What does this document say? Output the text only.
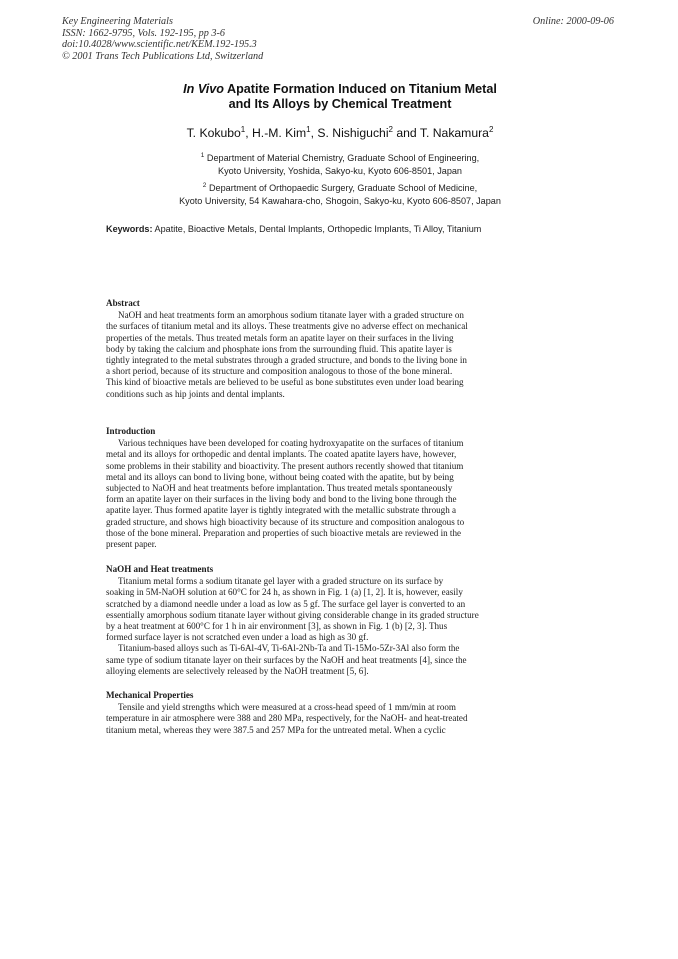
Key Engineering Materials
ISSN: 1662-9795, Vols. 192-195, pp 3-6
doi:10.4028/www.scientific.net/KEM.192-195.3
© 2001 Trans Tech Publications Ltd, Switzerland
Online: 2000-09-06
In Vivo Apatite Formation Induced on Titanium Metal
and Its Alloys by Chemical Treatment
T. Kokubo$^1$, H.-M. Kim$^1$, S. Nishiguchi$^2$ and T. Nakamura$^2$
$^1$ Department of Material Chemistry, Graduate School of Engineering,
Kyoto University, Yoshida, Sakyo-ku, Kyoto 606-8501, Japan
$^2$ Department of Orthopaedic Surgery, Graduate School of Medicine,
Kyoto University, 54 Kawahara-cho, Shogoin, Sakyo-ku, Kyoto 606-8507, Japan
Keywords: Apatite, Bioactive Metals, Dental Implants, Orthopedic Implants, Ti Alloy, Titanium
Abstract
NaOH and heat treatments form an amorphous sodium titanate layer with a graded structure on
the surfaces of titanium metal and its alloys. These treatments give no adverse effect on mechanical
properties of the metals. Thus treated metals form an apatite layer on their surfaces in the living
body by taking the calcium and phosphate ions from the surrounding fluid. This apatite layer is
tightly integrated to the metal substrates through a graded structure, and bonds to the living bone in
a short period, because of its structure and composition analogous to those of the bone mineral.
This kind of bioactive metals are believed to be useful as bone substitutes even under load bearing
conditions such as hip joints and dental implants.
Introduction
Various techniques have been developed for coating hydroxyapatite on the surfaces of titanium
metal and its alloys for orthopedic and dental implants. The coated apatite layers have, however,
some problems in their stability and bioactivity. The present authors recently showed that titanium
metal and its alloys can bond to living bone, without being coated with the apatite, but by being
subjected to NaOH and heat treatments before implantation. Thus treated metals spontaneously
form an apatite layer on their surfaces in the living body and bond to the living bone through the
apatite layer. Thus formed apatite layer is tightly integrated with the metallic substrate through a
graded structure, and shows high bioactivity because of its structure and composition analogous to
those of the bone mineral. Preparation and properties of such bioactive metals are reviewed in the
present paper.
NaOH and Heat treatments
Titanium metal forms a sodium titanate gel layer with a graded structure on its surface by
soaking in 5M-NaOH solution at 60°C for 24 h, as shown in Fig. 1 (a) [1, 2]. It is, however, easily
scratched by a diamond needle under a load as low as 5 gf. The surface gel layer is converted to an
essentially amorphous sodium titanate layer without giving considerable change in its graded structure
by a heat treatment at 600°C for 1 h in air environment [3], as shown in Fig. 1 (b) [2, 3]. Thus
formed surface layer is not scratched even under a load as high as 30 gf.
Titanium-based alloys such as Ti-6Al-4V, Ti-6Al-2Nb-Ta and Ti-15Mo-5Zr-3Al also form the
same type of sodium titanate layer on their surfaces by the NaOH and heat treatments [4], since the
alloying elements are selectively released by the NaOH treatment [5, 6].
Mechanical Properties
Tensile and yield strengths which were measured at a cross-head speed of 1 mm/min at room
temperature in air atmosphere were 388 and 280 MPa, respectively, for the NaOH- and heat-treated
titanium metal, whereas they were 387.5 and 257 MPa for the untreated metal. When a cyclic
